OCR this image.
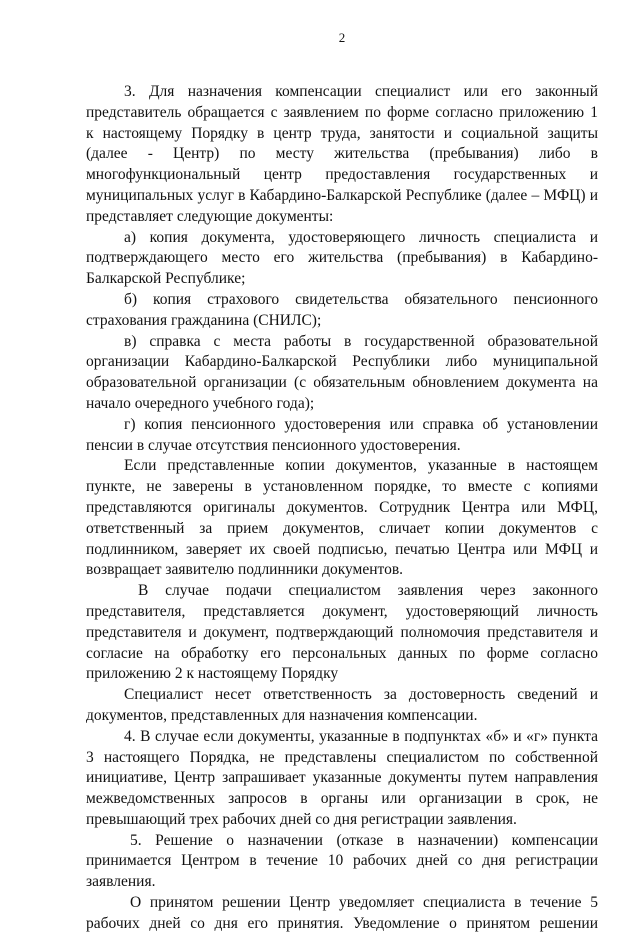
2

3. Для назначения компенсации специалист или его законный
представитель обращается с заявлением по форме согласно приложению 1
к настоящему Порядку в центр труда, занятости и социальной защиты
(далее - Центр) по месту жительства (пребывания) либо в
многофункциональный центр предоставления государственных и
муниципальных услуг в Кабардино-Балкарской Республике (далее – МФЦ) и
представляет следующие документы:

а) копия документа, удостоверяющего личность специалиста и
подтверждающего место его жительства (пребывания) в Кабардино-
Балкарской Республике;

б) копия страхового свидетельства обязательного пенсионного
страхования гражданина (СНИЛС);

в) справка с места работы в государственной образовательной
организации Кабардино-Балкарской Республики либо муниципальной
образовательной организации (с обязательным обновлением документа на
начало очередного учебного года);

г) копия пенсионного удостоверения или справка об установлении
пенсии в случае отсутствия пенсионного удостоверения.

Если представленные копии документов, указанные в настоящем
пункте, не заверены в установленном порядке, то вместе с копиями
представляются оригиналы документов. Сотрудник Центра или МФЦ,
ответственный за прием документов, сличает копии документов с
подлинником, заверяет их своей подписью, печатью Центра или МФЦ и
возвращает заявителю подлинники документов.

В случае подачи специалистом заявления через законного
представителя, представляется документ, удостоверяющий личность
представителя и документ, подтверждающий полномочия представителя и
согласие на обработку его персональных данных по форме согласно
приложению 2 к настоящему Порядку

Специалист несет ответственность за достоверность сведений и
документов, представленных для назначения компенсации.

4. В случае если документы, указанные в подпунктах «б» и «г» пункта
3 настоящего Порядка, не представлены специалистом по собственной
инициативе, Центр запрашивает указанные документы путем направления
межведомственных запросов в органы или организации в срок, не
превышающий трех рабочих дней со дня регистрации заявления.

5. Решение о назначении (отказе в назначении) компенсации
принимается Центром в течение 10 рабочих дней со дня регистрации
заявления.

О принятом решении Центр уведомляет специалиста в течение 5
рабочих дней со дня его принятия. Уведомление о принятом решении
